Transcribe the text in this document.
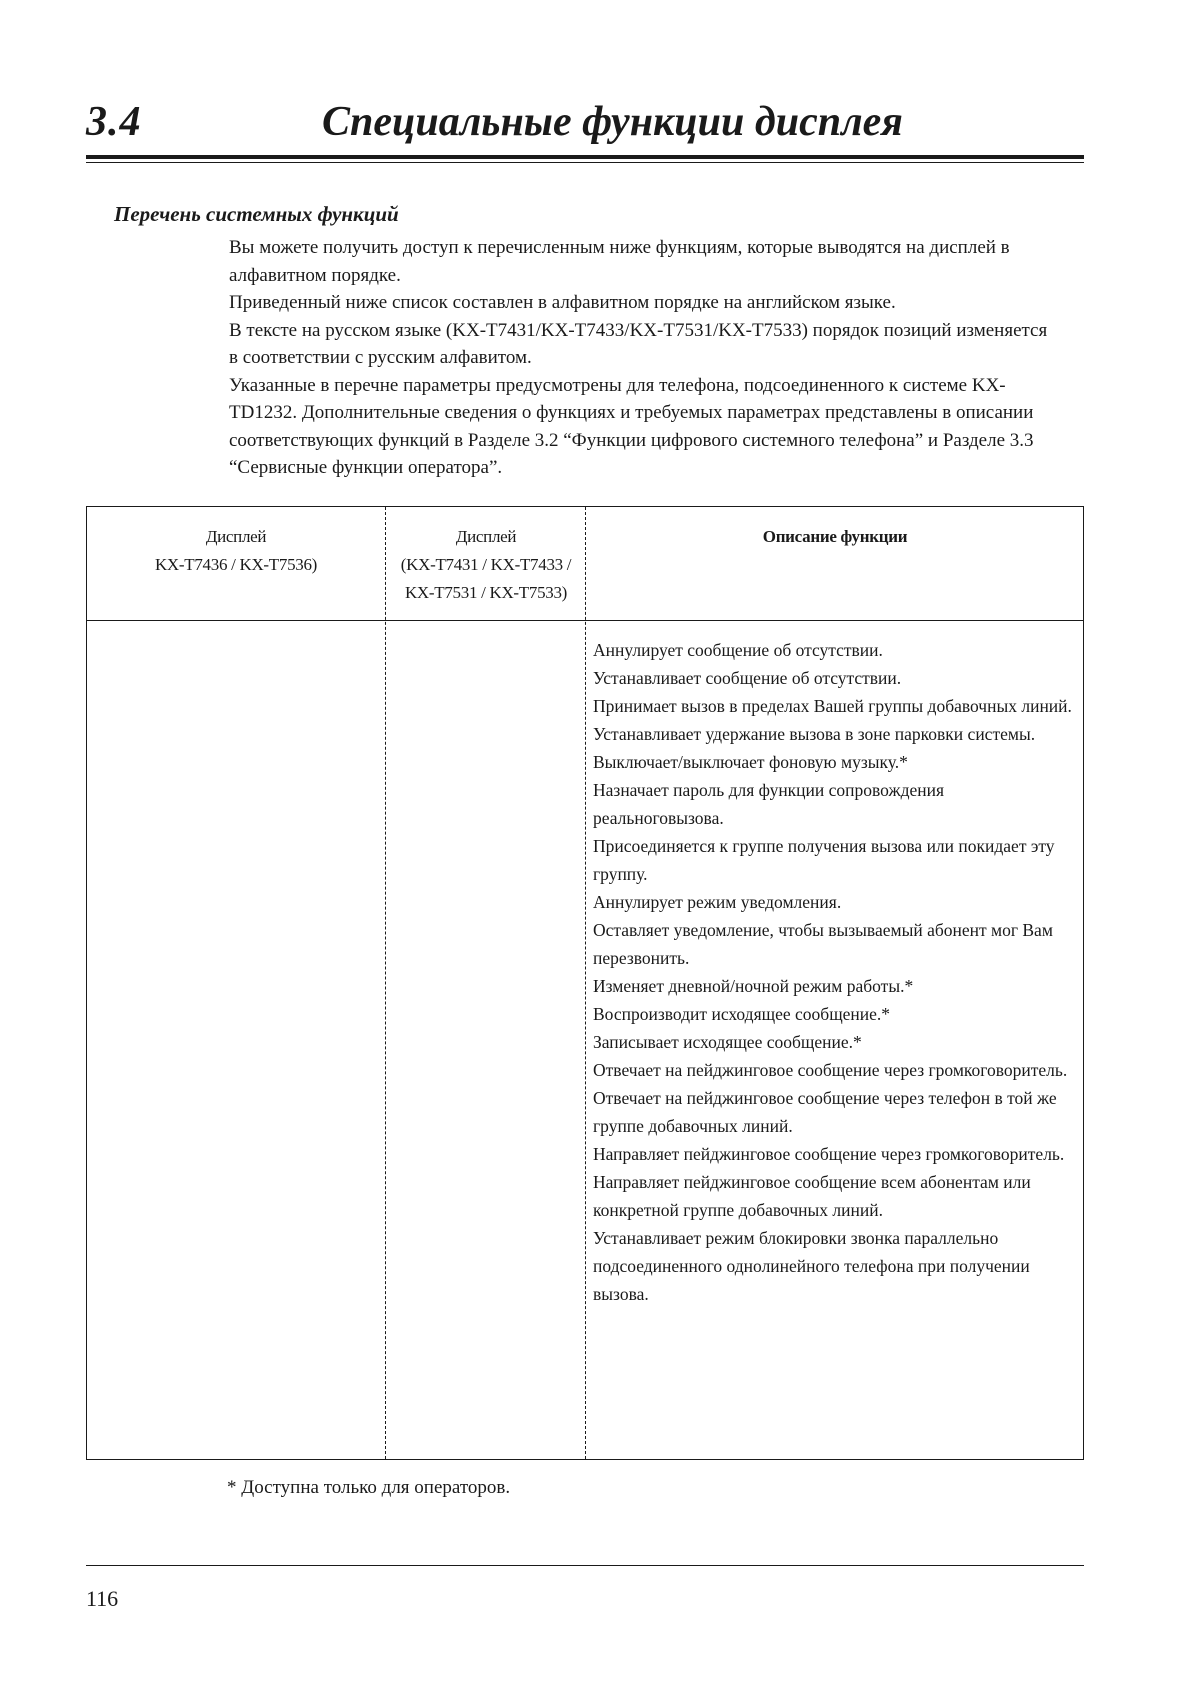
3.4	Специальные функции дисплея
Перечень системных функций

Вы можете получить доступ к перечисленным ниже функциям, которые выводятся на дисплей в алфавитном порядке.

Приведенный ниже список составлен в алфавитном порядке на английском языке.

В тексте на русском языке (KX-T7431/KX-T7433/KX-T7531/KX-T7533) порядок позиций изменяется в соответствии с русским алфавитом.

Указанные в перечне параметры предусмотрены для телефона, подсоединенного к системе KX-TD1232. Дополнительные сведения о функциях и требуемых параметрах представлены в описании соответствующих функций в Разделе 3.2 “Функции цифрового системного телефона” и Разделе 3.3 “Сервисные функции оператора”.

Дисплей
KX-T7436 / KX-T7536)
Дисплей
(KX-T7431 / KX-T7433 /
KX-T7531 / KX-T7533)
Описание функции
Аннулирует сообщение об отсутствии.
Устанавливает сообщение об отсутствии.
Принимает вызов в пределах Вашей группы добавочных линий.
Устанавливает удержание вызова в зоне парковки системы.
Выключает/выключает фоновую музыку.*
Назначает пароль для функции сопровождения реальноговызова.
Присоединяется к группе получения вызова или покидает эту группу.
Аннулирует режим уведомления.
Оставляет уведомление, чтобы вызываемый абонент мог Вам перезвонить.
Изменяет дневной/ночной режим работы.*
Воспроизводит исходящее сообщение.*
Записывает исходящее сообщение.*
Отвечает на пейджинговое сообщение через громкоговоритель.
Отвечает на пейджинговое сообщение через телефон в той же группе добавочных линий.
Направляет пейджинговое сообщение через громкоговоритель.
Направляет пейджинговое сообщение всем абонентам или конкретной группе добавочных линий.
Устанавливает режим блокировки звонка параллельно подсоединенного однолинейного телефона при получении вызова.
* Доступна только для операторов.
116
